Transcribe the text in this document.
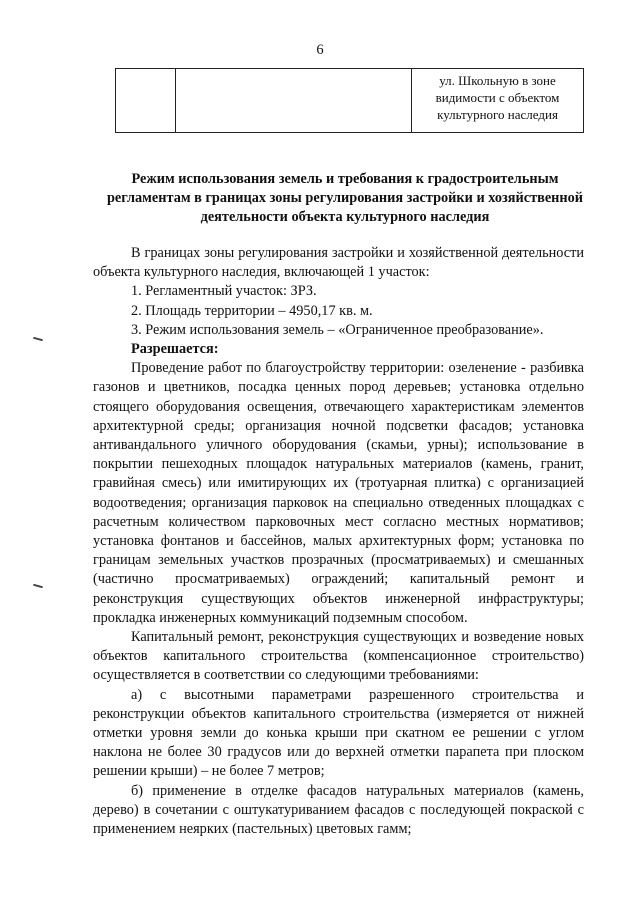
6
		ул. Школьную в зоне видимости с объектом культурного наследия
Режим использования земель и требования к градостроительным регламентам в границах зоны регулирования застройки и хозяйственной деятельности объекта культурного наследия

В границах зоны регулирования застройки и хозяйственной деятельности объекта культурного наследия, включающей 1 участок:

1. Регламентный участок: ЗРЗ.

2. Площадь территории – 4950,17 кв. м.

3. Режим использования земель – «Ограниченное преобразование».

Разрешается:

Проведение работ по благоустройству территории: озеленение - разбивка газонов и цветников, посадка ценных пород деревьев; установка отдельно стоящего оборудования освещения, отвечающего характеристикам элементов архитектурной среды; организация ночной подсветки фасадов; установка антивандального уличного оборудования (скамьи, урны); использование в покрытии пешеходных площадок натуральных материалов (камень, гранит, гравийная смесь) или имитирующих их (тротуарная плитка) с организацией водоотведения; организация парковок на специально отведенных площадках с расчетным количеством парковочных мест согласно местных нормативов; установка фонтанов и бассейнов, малых архитектурных форм; установка по границам земельных участков прозрачных (просматриваемых) и смешанных (частично просматриваемых) ограждений; капитальный ремонт и реконструкция существующих объектов инженерной инфраструктуры; прокладка инженерных коммуникаций подземным способом.

Капитальный ремонт, реконструкция существующих и возведение новых объектов капитального строительства (компенсационное строительство) осуществляется в соответствии со следующими требованиями:

а) с высотными параметрами разрешенного строительства и реконструкции объектов капитального строительства (измеряется от нижней отметки уровня земли до конька крыши при скатном ее решении с углом наклона не более 30 градусов или до верхней отметки парапета при плоском решении крыши) – не более 7 метров;

б) применение в отделке фасадов натуральных материалов (камень, дерево) в сочетании с оштукатуриванием фасадов с последующей покраской с применением неярких (пастельных) цветовых гамм;
